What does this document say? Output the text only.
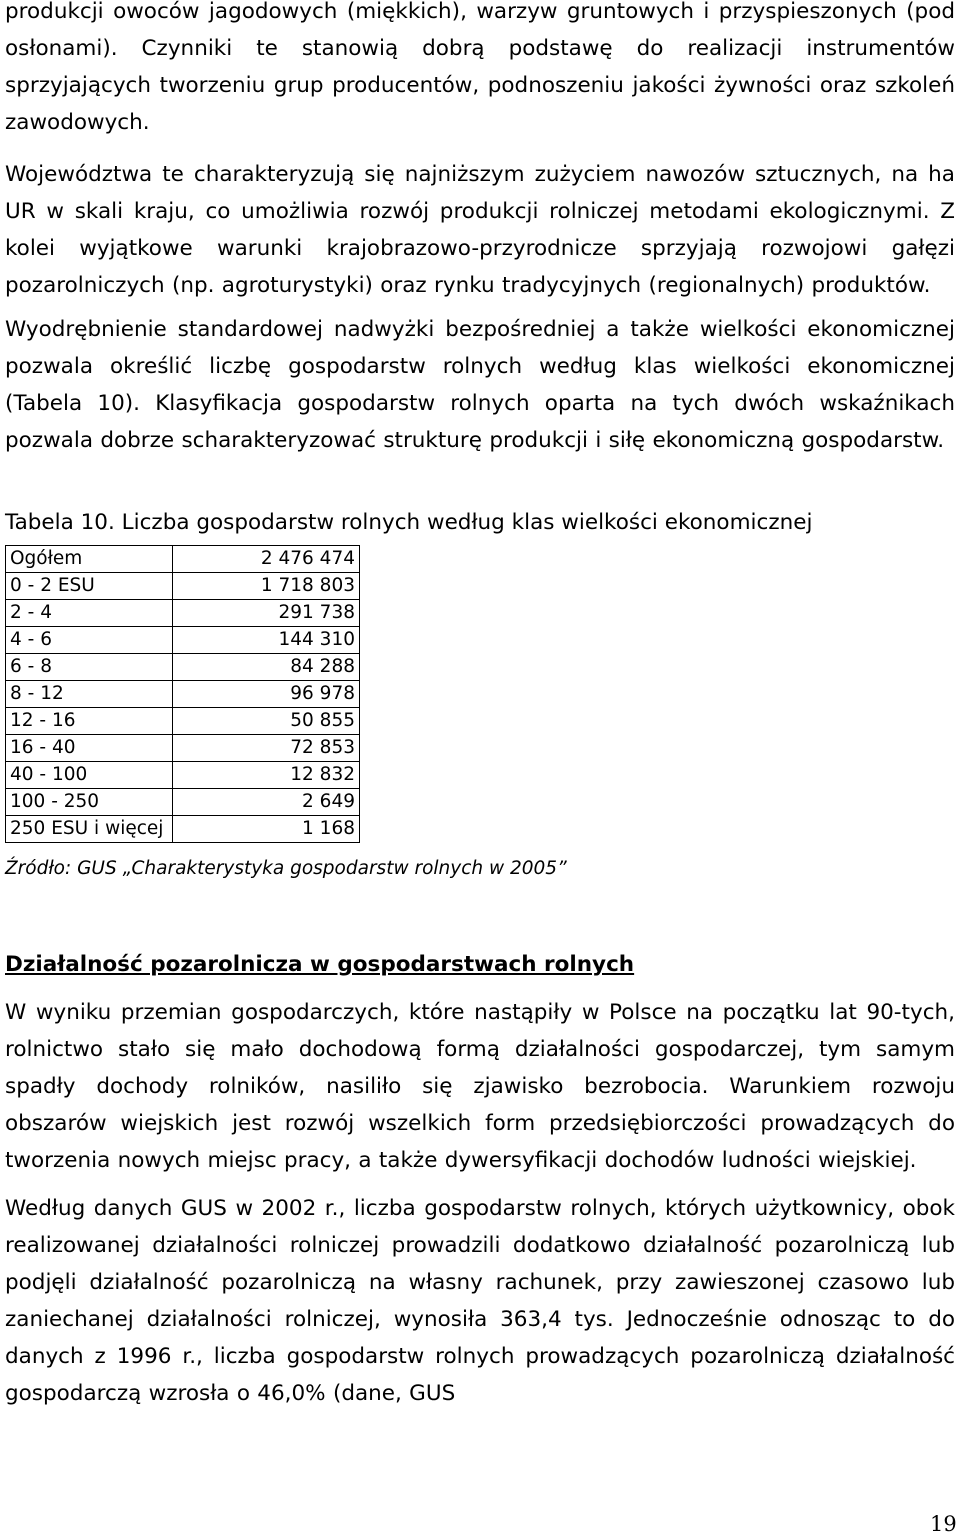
produkcji owoców jagodowych (miękkich), warzyw gruntowych i przyspieszonych (pod osłonami). Czynniki te stanowią dobrą podstawę do realizacji instrumentów sprzyjających tworzeniu grup producentów, podnoszeniu jakości żywności oraz szkoleń zawodowych.

Województwa te charakteryzują się najniższym zużyciem nawozów sztucznych, na ha UR w skali kraju, co umożliwia rozwój produkcji rolniczej metodami ekologicznymi. Z kolei wyjątkowe warunki krajobrazowo-przyrodnicze sprzyjają rozwojowi gałęzi pozarolniczych (np. agroturystyki) oraz rynku tradycyjnych (regionalnych) produktów.

Wyodrębnienie standardowej nadwyżki bezpośredniej a także wielkości ekonomicznej pozwala określić liczbę gospodarstw rolnych według klas wielkości ekonomicznej (Tabela 10). Klasyfikacja gospodarstw rolnych oparta na tych dwóch wskaźnikach pozwala dobrze scharakteryzować strukturę produkcji i siłę ekonomiczną gospodarstw.

Tabela 10. Liczba gospodarstw rolnych według klas wielkości ekonomicznej
Ogółem	2 476 474
0 - 2 ESU	1 718 803
2 - 4	291 738
4 - 6	144 310
6 - 8	84 288
8 - 12	96 978
12 - 16	50 855
16 - 40	72 853
40 - 100	12 832
100 - 250	2 649
250 ESU i więcej	1 168
Źródło: GUS „Charakterystyka gospodarstw rolnych w 2005”
Działalność pozarolnicza w gospodarstwach rolnych

W wyniku przemian gospodarczych, które nastąpiły w Polsce na początku lat 90-tych, rolnictwo stało się mało dochodową formą działalności gospodarczej, tym samym spadły dochody rolników, nasiliło się zjawisko bezrobocia. Warunkiem rozwoju obszarów wiejskich jest rozwój wszelkich form przedsiębiorczości prowadzących do tworzenia nowych miejsc pracy, a także dywersyfikacji dochodów ludności wiejskiej.

Według danych GUS w 2002 r., liczba gospodarstw rolnych, których użytkownicy, obok realizowanej działalności rolniczej prowadzili dodatkowo działalność pozarolniczą lub podjęli działalność pozarolniczą na własny rachunek, przy zawieszonej czasowo lub zaniechanej działalności rolniczej, wynosiła 363,4 tys. Jednocześnie odnosząc to do danych z 1996 r., liczba gospodarstw rolnych prowadzących pozarolniczą działalność gospodarczą wzrosła o 46,0% (dane, GUS

19
